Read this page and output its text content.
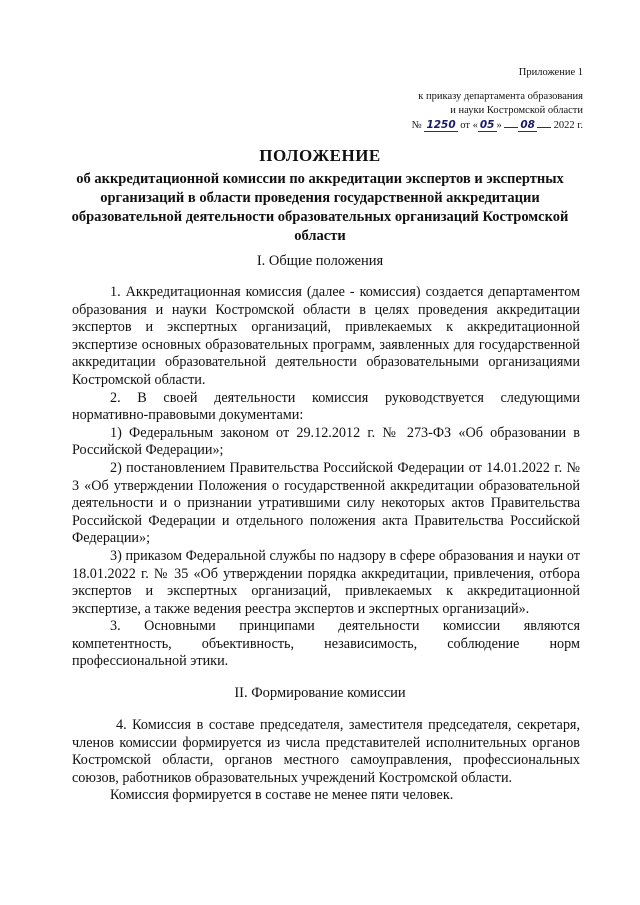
Приложение 1
к приказу департамента образования
и науки Костромской области
№ 1250 от « 05 » 08 2022 г.
ПОЛОЖЕНИЕ
об аккредитационной комиссии по аккредитации экспертов и экспертных организаций в области проведения государственной аккредитации образовательной деятельности образовательных организаций Костромской области
I. Общие положения

1. Аккредитационная комиссия (далее - комиссия) создается департаментом образования и науки Костромской области в целях проведения аккредитации экспертов и экспертных организаций, привлекаемых к аккредитационной экспертизе основных образовательных программ, заявленных для государственной аккредитации образовательной деятельности образовательными организациями Костромской области.

2. В своей деятельности комиссия руководствуется следующими нормативно-правовыми документами:

1) Федеральным законом от 29.12.2012 г. № 273-ФЗ «Об образовании в Российской Федерации»;

2) постановлением Правительства Российской Федерации от 14.01.2022 г. № 3 «Об утверждении Положения о государственной аккредитации образовательной деятельности и о признании утратившими силу некоторых актов Правительства Российской Федерации и отдельного положения акта Правительства Российской Федерации»;

3) приказом Федеральной службы по надзору в сфере образования и науки от 18.01.2022 г. № 35 «Об утверждении порядка аккредитации, привлечения, отбора экспертов и экспертных организаций, привлекаемых к аккредитационной экспертизе, а также ведения реестра экспертов и экспертных организаций».

3. Основными принципами деятельности комиссии являются компетентность, объективность, независимость, соблюдение норм профессиональной этики.

II. Формирование комиссии

4. Комиссия в составе председателя, заместителя председателя, секретаря, членов комиссии формируется из числа представителей исполнительных органов Костромской области, органов местного самоуправления, профессиональных союзов, работников образовательных учреждений Костромской области.

Комиссия формируется в составе не менее пяти человек.
